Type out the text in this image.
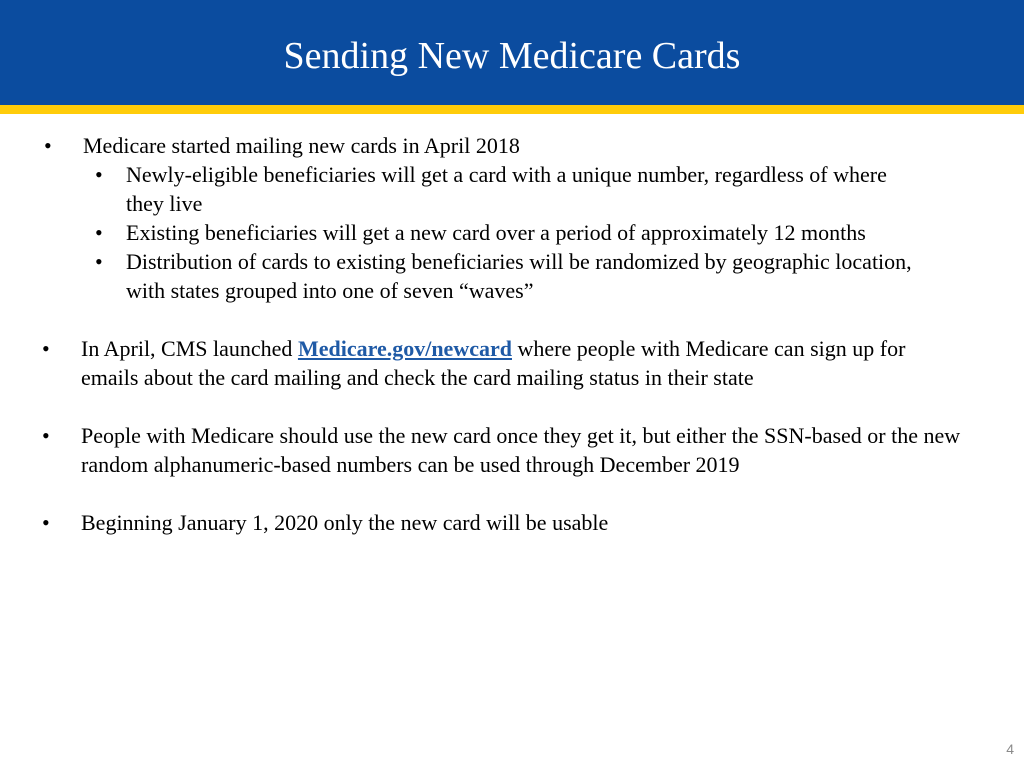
Sending New Medicare Cards
• Medicare started mailing new cards in April 2018
• Newly-eligible beneficiaries will get a card with a unique number, regardless of where they live
• Existing beneficiaries will get a new card over a period of approximately 12 months
• Distribution of cards to existing beneficiaries will be randomized by geographic location, with states grouped into one of seven “waves”
• In April, CMS launched Medicare.gov/newcard where people with Medicare can sign up for emails about the card mailing and check the card mailing status in their state
• People with Medicare should use the new card once they get it, but either the SSN-based or the new random alphanumeric-based numbers can be used through December 2019
• Beginning January 1, 2020 only the new card will be usable
4
